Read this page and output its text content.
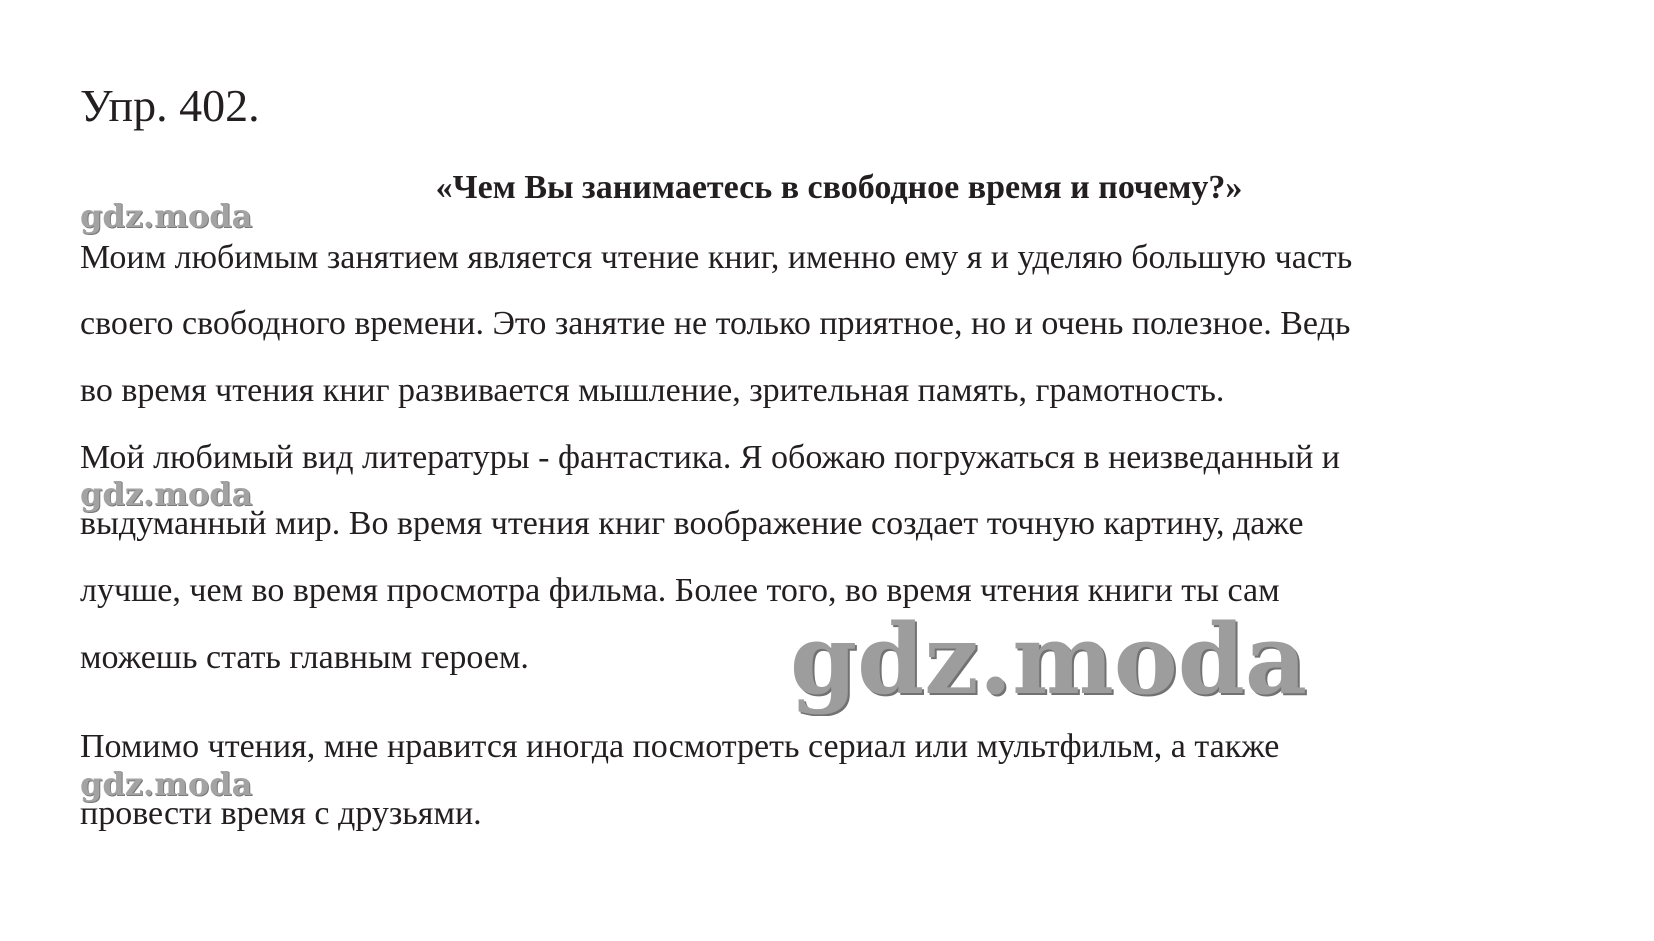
Упр. 402.
«Чем Вы занимаетесь в свободное время и почему?»
gdz.moda
Моим любимым занятием является чтение книг, именно ему я и уделяю большую часть
своего свободного времени. Это занятие не только приятное, но и очень полезное. Ведь
во время чтения книг развивается мышление, зрительная память, грамотность.
Мой любимый вид литературы - фантастика. Я обожаю погружаться в неизведанный и
gdz.moda
выдуманный мир. Во время чтения книг воображение создает точную картину, даже
лучше, чем во время просмотра фильма. Более того, во время чтения книги ты сам
можешь стать главным героем.	gdz.moda
Помимо чтения, мне нравится иногда посмотреть сериал или мультфильм, а также
gdz.moda
провести время с друзьями.
